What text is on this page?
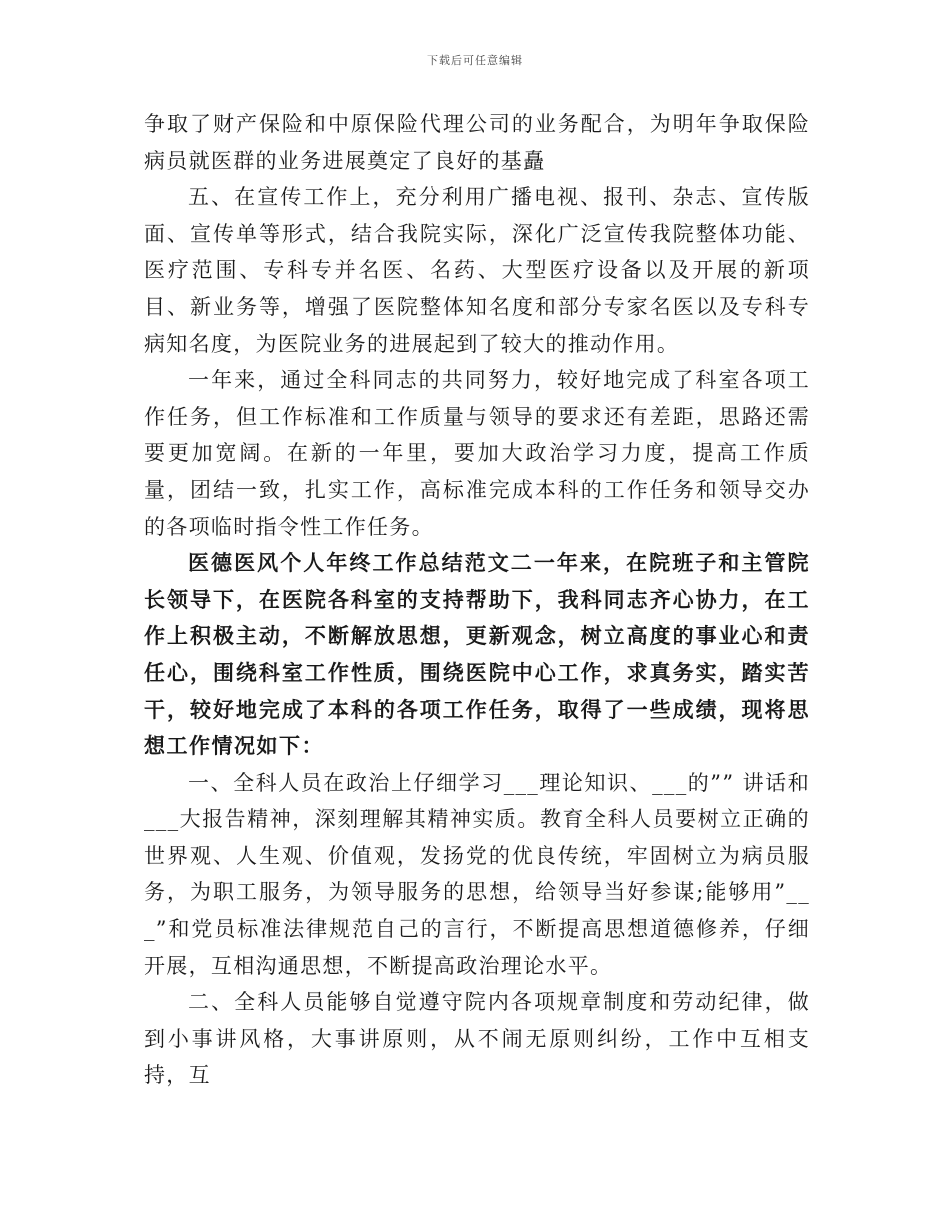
下载后可任意编辑

争取了财产保险和中原保险代理公司的业务配合，为明年争取保险病员就医群的业务进展奠定了良好的基矗

五、在宣传工作上，充分利用广播电视、报刊、杂志、宣传版面、宣传单等形式，结合我院实际，深化广泛宣传我院整体功能、医疗范围、专科专并名医、名药、大型医疗设备以及开展的新项目、新业务等，增强了医院整体知名度和部分专家名医以及专科专病知名度，为医院业务的进展起到了较大的推动作用。

一年来，通过全科同志的共同努力，较好地完成了科室各项工作任务，但工作标准和工作质量与领导的要求还有差距，思路还需要更加宽阔。在新的一年里，要加大政治学习力度，提高工作质量，团结一致，扎实工作，高标准完成本科的工作任务和领导交办的各项临时指令性工作任务。

医德医风个人年终工作总结范文二一年来，在院班子和主管院长领导下，在医院各科室的支持帮助下，我科同志齐心协力，在工作上积极主动，不断解放思想，更新观念，树立高度的事业心和责任心，围绕科室工作性质，围绕医院中心工作，求真务实，踏实苦干，较好地完成了本科的各项工作任务，取得了一些成绩，现将思想工作情况如下：

一、全科人员在政治上仔细学习___理论知识、___的”” 讲话和___大报告精神，深刻理解其精神实质。教育全科人员要树立正确的世界观、人生观、价值观，发扬党的优良传统，牢固树立为病员服务，为职工服务，为领导服务的思想，给领导当好参谋;能够用”___”和党员标准法律规范自己的言行，不断提高思想道德修养，仔细开展，互相沟通思想，不断提高政治理论水平。

二、全科人员能够自觉遵守院内各项规章制度和劳动纪律，做到小事讲风格，大事讲原则，从不闹无原则纠纷，工作中互相支持，互
